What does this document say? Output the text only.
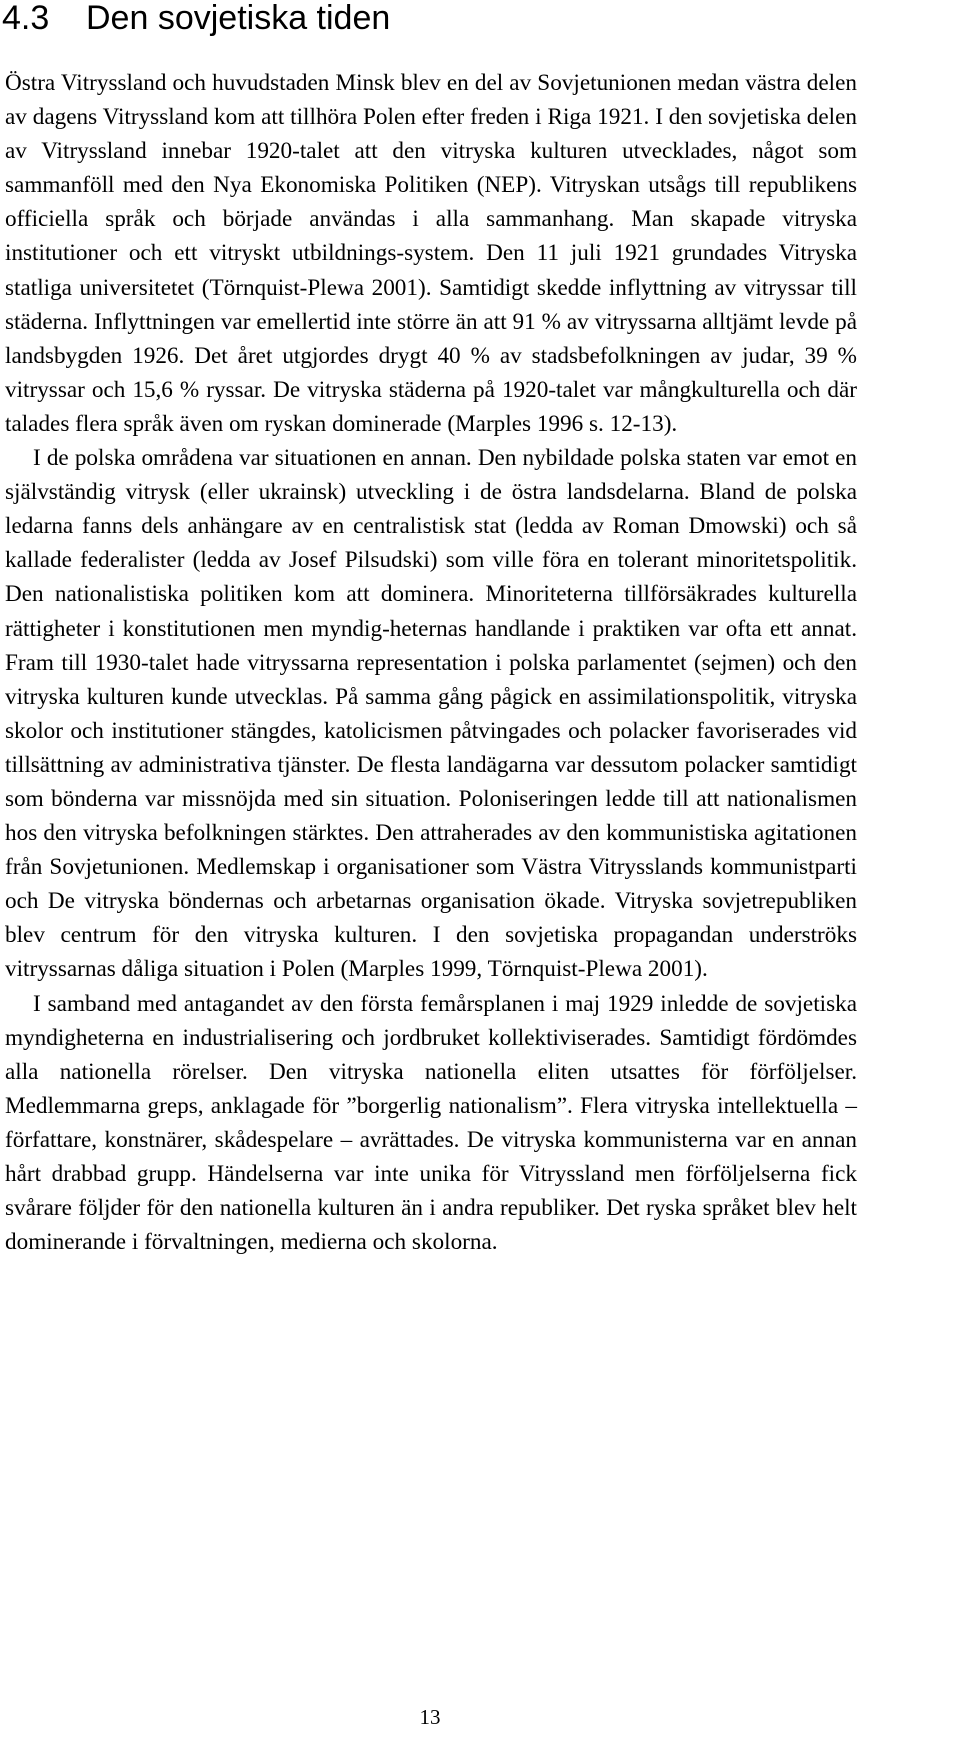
4.3 Den sovjetiska tiden

Östra Vitryssland och huvudstaden Minsk blev en del av Sovjetunionen medan västra delen av dagens Vitryssland kom att tillhöra Polen efter freden i Riga 1921. I den sovjetiska delen av Vitryssland innebar 1920-talet att den vitryska kulturen utvecklades, något som sammanföll med den Nya Ekonomiska Politiken (NEP). Vitryskan utsågs till republikens officiella språk och började användas i alla sammanhang. Man skapade vitryska institutioner och ett vitryskt utbildnings-system. Den 11 juli 1921 grundades Vitryska statliga universitetet (Törnquist-Plewa 2001). Samtidigt skedde inflyttning av vitryssar till städerna. Inflyttningen var emellertid inte större än att 91 % av vitryssarna alltjämt levde på landsbygden 1926. Det året utgjordes drygt 40 % av stadsbefolkningen av judar, 39 % vitryssar och 15,6 % ryssar. De vitryska städerna på 1920-talet var mångkulturella och där talades flera språk även om ryskan dominerade (Marples 1996 s. 12-13).

I de polska områdena var situationen en annan. Den nybildade polska staten var emot en självständig vitrysk (eller ukrainsk) utveckling i de östra landsdelarna. Bland de polska ledarna fanns dels anhängare av en centralistisk stat (ledda av Roman Dmowski) och så kallade federalister (ledda av Josef Pilsudski) som ville föra en tolerant minoritetspolitik. Den nationalistiska politiken kom att dominera. Minoriteterna tillförsäkrades kulturella rättigheter i konstitutionen men myndig-heternas handlande i praktiken var ofta ett annat. Fram till 1930-talet hade vitryssarna representation i polska parlamentet (sejmen) och den vitryska kulturen kunde utvecklas. På samma gång pågick en assimilationspolitik, vitryska skolor och institutioner stängdes, katolicismen påtvingades och polacker favoriserades vid tillsättning av administrativa tjänster. De flesta landägarna var dessutom polacker samtidigt som bönderna var missnöjda med sin situation. Poloniseringen ledde till att nationalismen hos den vitryska befolkningen stärktes. Den attraherades av den kommunistiska agitationen från Sovjetunionen. Medlemskap i organisationer som Västra Vitrysslands kommunistparti och De vitryska böndernas och arbetarnas organisation ökade. Vitryska sovjetrepubliken blev centrum för den vitryska kulturen. I den sovjetiska propagandan underströks vitryssarnas dåliga situation i Polen (Marples 1999, Törnquist-Plewa 2001).

I samband med antagandet av den första femårsplanen i maj 1929 inledde de sovjetiska myndigheterna en industrialisering och jordbruket kollektiviserades. Samtidigt fördömdes alla nationella rörelser. Den vitryska nationella eliten utsattes för förföljelser. Medlemmarna greps, anklagade för ”borgerlig nationalism”. Flera vitryska intellektuella – författare, konstnärer, skådespelare – avrättades. De vitryska kommunisterna var en annan hårt drabbad grupp. Händelserna var inte unika för Vitryssland men förföljelserna fick svårare följder för den nationella kulturen än i andra republiker. Det ryska språket blev helt dominerande i förvaltningen, medierna och skolorna.

13
